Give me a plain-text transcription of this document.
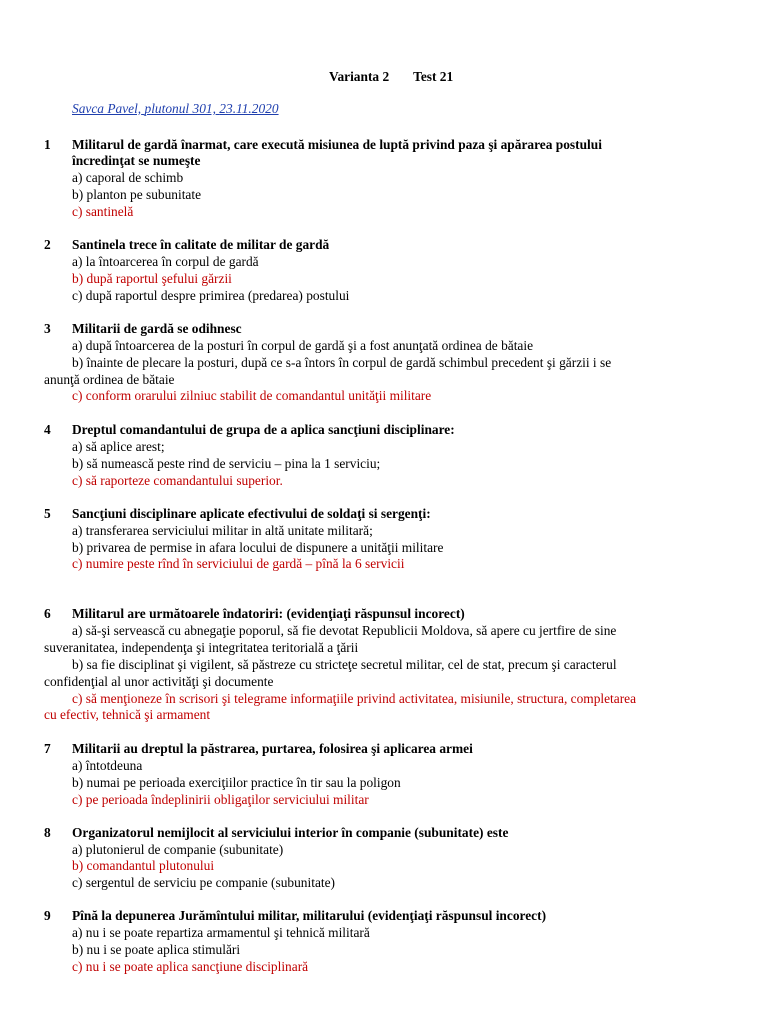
Varianta 2 Test 21
Savca Pavel, plutonul 301, 23.11.2020
1 Militarul de gardă înarmat, care execută misiunea de luptă privind paza şi apărarea postului
încredinţat se numeşte
a) caporal de schimb
b) planton pe subunitate
c) santinelă
2 Santinela trece în calitate de militar de gardă
a) la întoarcerea în corpul de gardă
b) după raportul şefului gărzii
c) după raportul despre primirea (predarea) postului
3 Militarii de gardă se odihnesc
a) după întoarcerea de la posturi în corpul de gardă şi a fost anunţată ordinea de bătaie
b) înainte de plecare la posturi, după ce s-a întors în corpul de gardă schimbul precedent şi gărzii i se
anunţă ordinea de bătaie
c) conform orarului zilniuc stabilit de comandantul unităţii militare
4 Dreptul comandantului de grupa de a aplica sancţiuni disciplinare:
a) să aplice arest;
b) să numească peste rind de serviciu – pina la 1 serviciu;
c) să raporteze comandantului superior.
5 Sancţiuni disciplinare aplicate efectivului de soldaţi si sergenţi:
a) transferarea serviciului militar in altă unitate militară;
b) privarea de permise in afara locului de dispunere a unităţii militare
c) numire peste rînd în serviciului de gardă – pînă la 6 servicii
6 Militarul are următoarele îndatoriri: (evidenţiaţi răspunsul incorect)
a) să-şi servească cu abnegaţie poporul, să fie devotat Republicii Moldova, să apere cu jertfire de sine
suveranitatea, independenţa şi integritatea teritorială a ţării
b) sa fie disciplinat şi vigilent, să păstreze cu stricteţe secretul militar, cel de stat, precum şi caracterul
confidenţial al unor activităţi şi documente
c) să menţioneze în scrisori şi telegrame informaţiile privind activitatea, misiunile, structura, completarea
cu efectiv, tehnică şi armament
7 Militarii au dreptul la păstrarea, purtarea, folosirea şi aplicarea armei
a) întotdeuna
b) numai pe perioada exerciţiilor practice în tir sau la poligon
c) pe perioada îndeplinirii obligaţilor serviciului militar
8 Organizatorul nemijlocit al serviciului interior în companie (subunitate) este
a) plutonierul de companie (subunitate)
b) comandantul plutonului
c) sergentul de serviciu pe companie (subunitate)
9 Pînă la depunerea Jurămîntului militar, militarului (evidenţiaţi răspunsul incorect)
a) nu i se poate repartiza armamentul şi tehnică militară
b) nu i se poate aplica stimulări
c) nu i se poate aplica sancţiune disciplinară
